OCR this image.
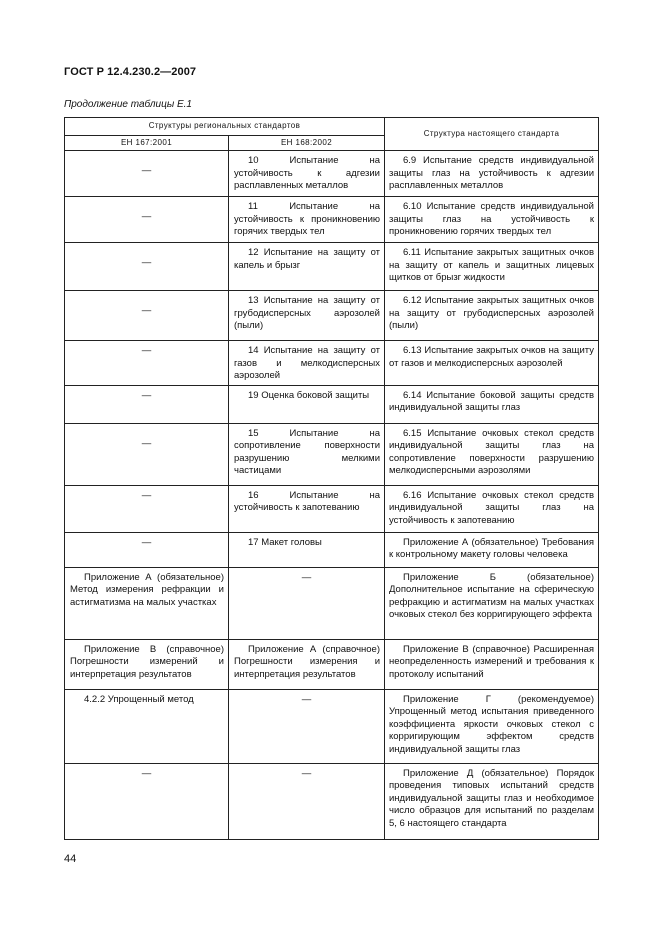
ГОСТ Р 12.4.230.2—2007
Продолжение таблицы Е.1
Структуры региональных стандартов		Структура настоящего стандарта
ЕН 167:2001	ЕН 168:2002	

—	10 Испытание на устойчивость к адгезии расплавленных металлов	6.9 Испытание средств индивидуальной защиты глаз на устойчивость к адгезии расплавленных металлов

—	11 Испытание на устойчивость к проникновению горячих твердых тел	6.10 Испытание средств индивидуальной защиты глаз на устойчивость к проникновению горячих твердых тел

—	12 Испытание на защиту от капель и брызг	6.11 Испытание закрытых защитных очков на защиту от капель и защитных лицевых щитков от брызг жидкости

—	13 Испытание на защиту от грубодисперсных аэрозолей (пыли)	6.12 Испытание закрытых защитных очков на защиту от грубодисперсных аэрозолей (пыли)

—	14 Испытание на защиту от газов и мелкодисперсных аэрозолей	6.13 Испытание закрытых очков на защиту от газов и мелкодисперсных аэрозолей

—	19 Оценка боковой защиты	6.14 Испытание боковой защиты средств индивидуальной защиты глаз

—	15 Испытание на сопротивление поверхности разрушению мелкими частицами	6.15 Испытание очковых стекол средств индивидуальной защиты глаз на сопротивление поверхности разрушению мелкодисперсными аэрозолями

—	16 Испытание на устойчивость к запотеванию	6.16 Испытание очковых стекол средств индивидуальной защиты глаз на устойчивость к запотеванию

—	17 Макет головы	Приложение А (обязательное) Требования к контрольному макету головы человека

Приложение А (обязательное) Метод измерения рефракции и астигматизма на малых участках	—	Приложение Б (обязательное) Дополнительное испытание на сферическую рефракцию и астигматизм на малых участках очковых стекол без корригирующего эффекта

Приложение В (справочное) Погрешности измерений и интерпретация результатов	Приложение А (справочное) Погрешности измерения и интерпретация результатов	Приложение В (справочное) Расширенная неопределенность измерений и требования к протоколу испытаний

4.2.2 Упрощенный метод	—	Приложение Г (рекомендуемое) Упрощенный метод испытания приведенного коэффициента яркости очковых стекол с корригирующим эффектом средств индивидуальной защиты глаз

—	—	Приложение Д (обязательное) Порядок проведения типовых испытаний средств индивидуальной защиты глаз и необходимое число образцов для испытаний по разделам 5, 6 настоящего стандарта
44
